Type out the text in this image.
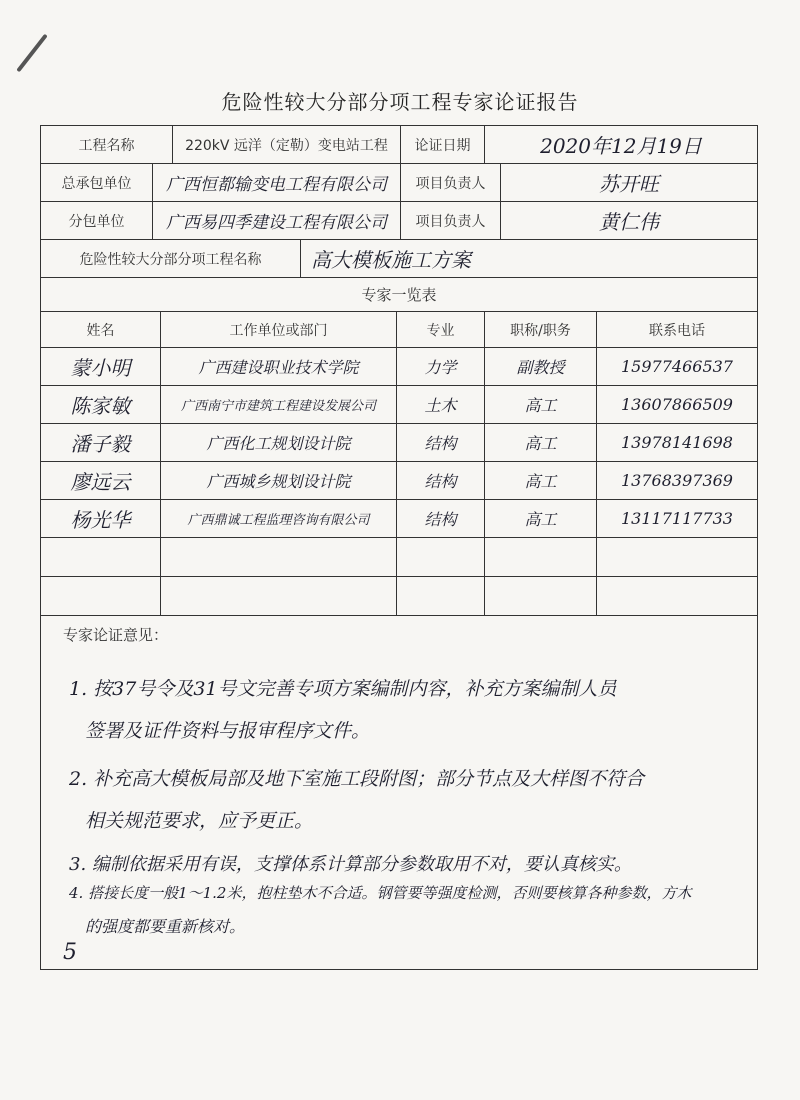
危险性较大分部分项工程专家论证报告
工程名称	220kV 远洋（定勒）变电站工程	论证日期	2020年12月19日
总承包单位	广西恒都输变电工程有限公司	项目负责人	苏开旺
分包单位	广西易四季建设工程有限公司	项目负责人	黄仁伟
危险性较大分部分项工程名称	高大模板施工方案
专家一览表
姓名	工作单位或部门	专业	职称/职务	联系电话
蒙小明	广西建设职业技术学院	力学	副教授	15977466537
陈家敏	广西南宁市建筑工程建设发展公司	土木	高工	13607866509
潘子毅	广西化工规划设计院	结构	高工	13978141698
廖远云	广西城乡规划设计院	结构	高工	13768397369
杨光华	广西鼎诚工程监理咨询有限公司	结构	高工	13117117733
专家论证意见：
1. 按37号令及31号文完善专项方案编制内容，补充方案编制人员
签署及证件资料与报审程序文件。
2. 补充高大模板局部及地下室施工段附图；部分节点及大样图不符合
相关规范要求，应予更正。
3. 编制依据采用有误，支撑体系计算部分参数取用不对，要认真核实。
4. 搭接长度一般1～1.2米，抱柱垫木不合适。钢管要等强度检测，否则要核算各种参数，方木
的强度都要重新核对。
5
